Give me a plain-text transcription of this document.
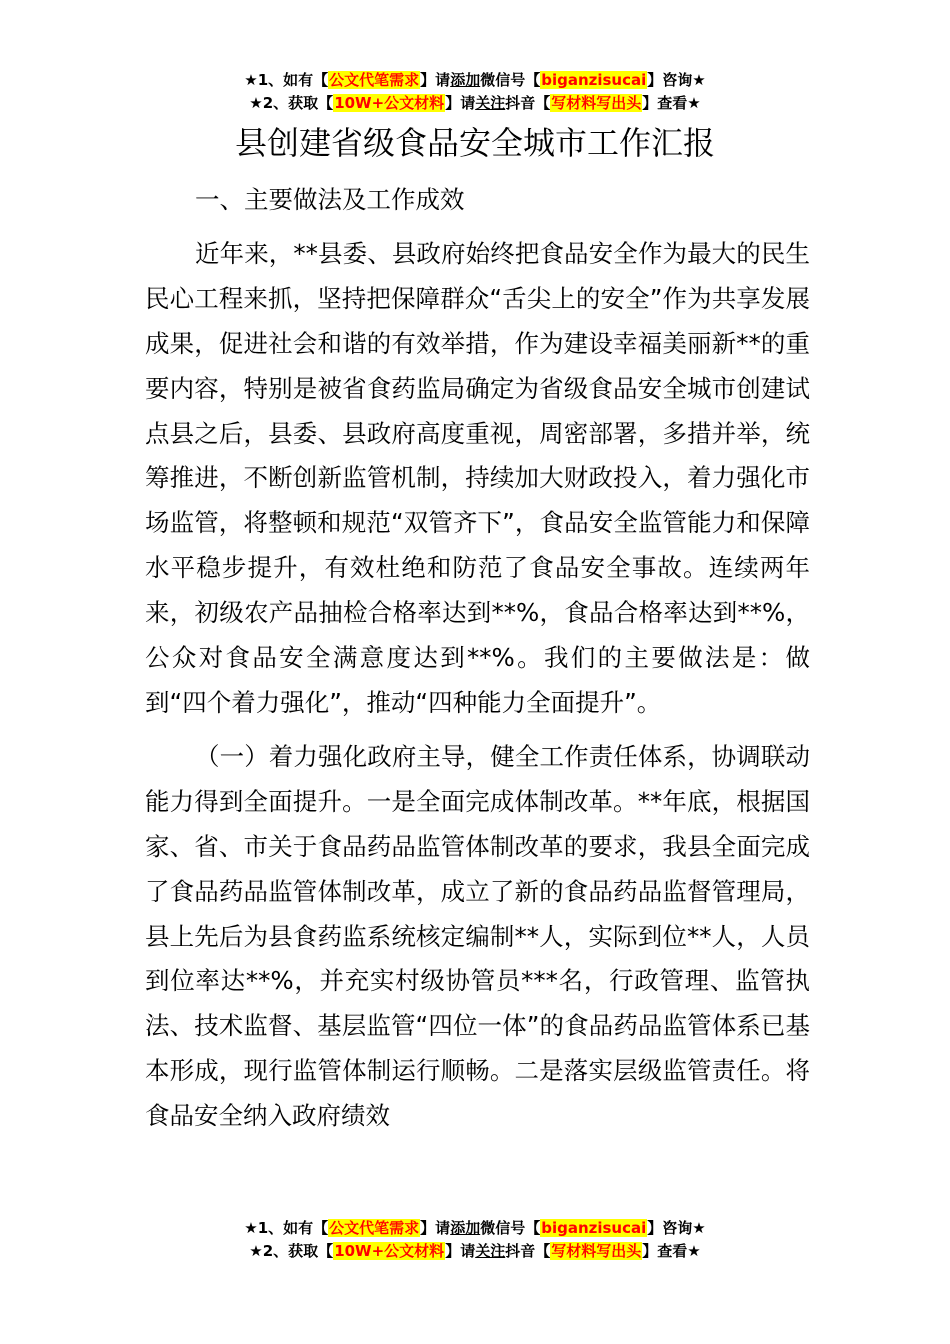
★1、如有【公文代笔需求】请添加微信号【biganzisucai】咨询★
★2、获取【10W+公文材料】请关注抖音【写材料写出头】查看★
县创建省级食品安全城市工作汇报

一、主要做法及工作成效

近年来，**县委、县政府始终把食品安全作为最大的民生民心工程来抓，坚持把保障群众“舌尖上的安全”作为共享发展成果，促进社会和谐的有效举措，作为建设幸福美丽新**的重要内容，特别是被省食药监局确定为省级食品安全城市创建试点县之后，县委、县政府高度重视，周密部署，多措并举，统筹推进，不断创新监管机制，持续加大财政投入，着力强化市场监管，将整顿和规范“双管齐下”，食品安全监管能力和保障水平稳步提升，有效杜绝和防范了食品安全事故。连续两年来，初级农产品抽检合格率达到**%，食品合格率达到**%，公众对食品安全满意度达到**%。我们的主要做法是：做到“四个着力强化”，推动“四种能力全面提升”。

（一）着力强化政府主导，健全工作责任体系，协调联动能力得到全面提升。一是全面完成体制改革。**年底，根据国家、省、市关于食品药品监管体制改革的要求，我县全面完成了食品药品监管体制改革，成立了新的食品药品监督管理局，县上先后为县食药监系统核定编制**人，实际到位**人，人员到位率达**%，并充实村级协管员***名，行政管理、监管执法、技术监督、基层监管“四位一体”的食品药品监管体系已基本形成，现行监管体制运行顺畅。二是落实层级监管责任。将食品安全纳入政府绩效

★1、如有【公文代笔需求】请添加微信号【biganzisucai】咨询★
★2、获取【10W+公文材料】请关注抖音【写材料写出头】查看★
